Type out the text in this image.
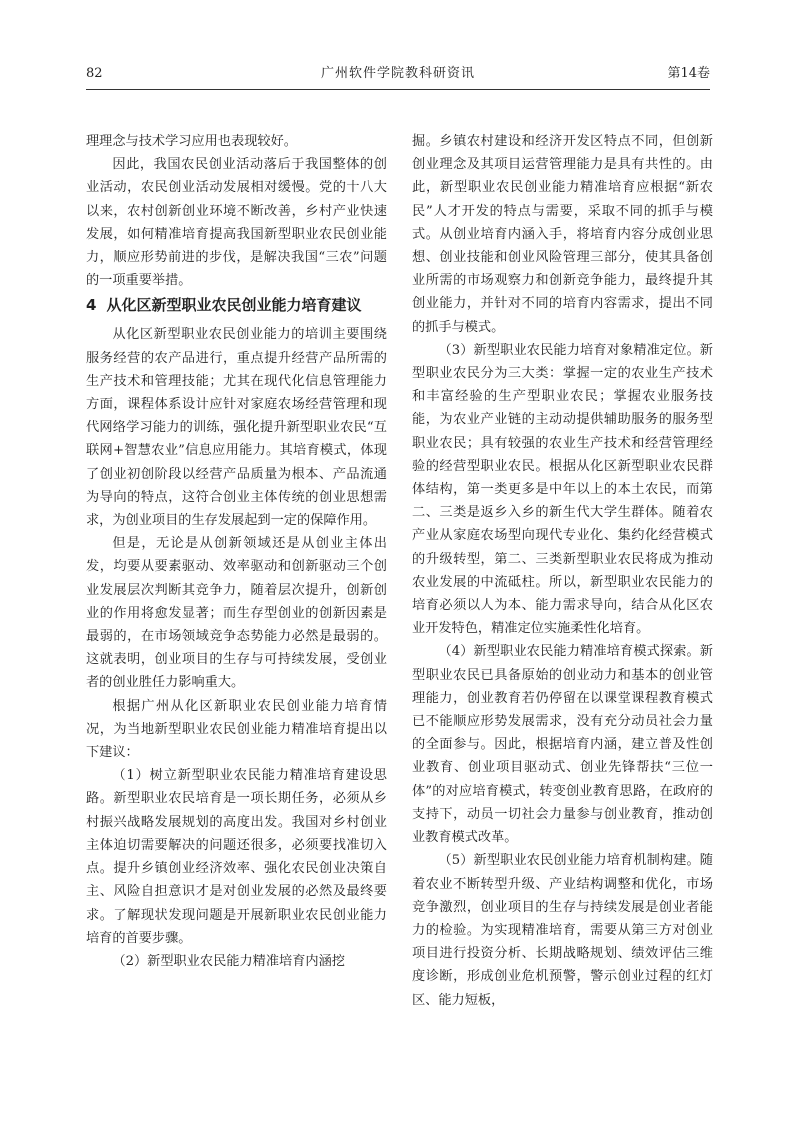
82	广州软件学院教科研资讯	第14卷

理理念与技术学习应用也表现较好。

因此，我国农民创业活动落后于我国整体的创业活动，农民创业活动发展相对缓慢。党的十八大以来，农村创新创业环境不断改善，乡村产业快速发展，如何精准培育提高我国新型职业农民创业能力，顺应形势前进的步伐，是解决我国“三农”问题的一项重要举措。

4 从化区新型职业农民创业能力培育建议

从化区新型职业农民创业能力的培训主要围绕服务经营的农产品进行，重点提升经营产品所需的生产技术和管理技能；尤其在现代化信息管理能力方面，课程体系设计应针对家庭农场经营管理和现代网络学习能力的训练，强化提升新型职业农民“互联网+智慧农业”信息应用能力。其培育模式，体现了创业初创阶段以经营产品质量为根本、产品流通为导向的特点，这符合创业主体传统的创业思想需求，为创业项目的生存发展起到一定的保障作用。

但是，无论是从创新领域还是从创业主体出发，均要从要素驱动、效率驱动和创新驱动三个创业发展层次判断其竞争力，随着层次提升，创新创业的作用将愈发显著；而生存型创业的创新因素是最弱的，在市场领域竞争态势能力必然是最弱的。这就表明，创业项目的生存与可持续发展，受创业者的创业胜任力影响重大。

根据广州从化区新职业农民创业能力培育情况，为当地新型职业农民创业能力精准培育提出以下建议：

（1）树立新型职业农民能力精准培育建设思路。新型职业农民培育是一项长期任务，必须从乡村振兴战略发展规划的高度出发。我国对乡村创业主体迫切需要解决的问题还很多，必须要找准切入点。提升乡镇创业经济效率、强化农民创业决策自主、风险自担意识才是对创业发展的必然及最终要求。了解现状发现问题是开展新职业农民创业能力培育的首要步骤。

（2）新型职业农民能力精准培育内涵挖

掘。乡镇农村建设和经济开发区特点不同，但创新创业理念及其项目运营管理能力是具有共性的。由此，新型职业农民创业能力精准培育应根据“新农民”人才开发的特点与需要，采取不同的抓手与模式。从创业培育内涵入手，将培育内容分成创业思想、创业技能和创业风险管理三部分，使其具备创业所需的市场观察力和创新竞争能力，最终提升其创业能力，并针对不同的培育内容需求，提出不同的抓手与模式。

（3）新型职业农民能力培育对象精准定位。新型职业农民分为三大类：掌握一定的农业生产技术和丰富经验的生产型职业农民；掌握农业服务技能，为农业产业链的主动动提供辅助服务的服务型职业农民；具有较强的农业生产技术和经营管理经验的经营型职业农民。根据从化区新型职业农民群体结构，第一类更多是中年以上的本土农民，而第二、三类是返乡入乡的新生代大学生群体。随着农产业从家庭农场型向现代专业化、集约化经营模式的升级转型，第二、三类新型职业农民将成为推动农业发展的中流砥柱。所以，新型职业农民能力的培育必须以人为本、能力需求导向，结合从化区农业开发特色，精准定位实施柔性化培育。

（4）新型职业农民能力精准培育模式探索。新型职业农民已具备原始的创业动力和基本的创业管理能力，创业教育若仍停留在以课堂课程教育模式已不能顺应形势发展需求，没有充分动员社会力量的全面参与。因此，根据培育内涵，建立普及性创业教育、创业项目驱动式、创业先锋帮扶“三位一体”的对应培育模式，转变创业教育思路，在政府的支持下，动员一切社会力量参与创业教育，推动创业教育模式改革。

（5）新型职业农民创业能力培育机制构建。随着农业不断转型升级、产业结构调整和优化，市场竞争激烈，创业项目的生存与持续发展是创业者能力的检验。为实现精准培育，需要从第三方对创业项目进行投资分析、长期战略规划、绩效评估三维度诊断，形成创业危机预警，警示创业过程的红灯区、能力短板，
